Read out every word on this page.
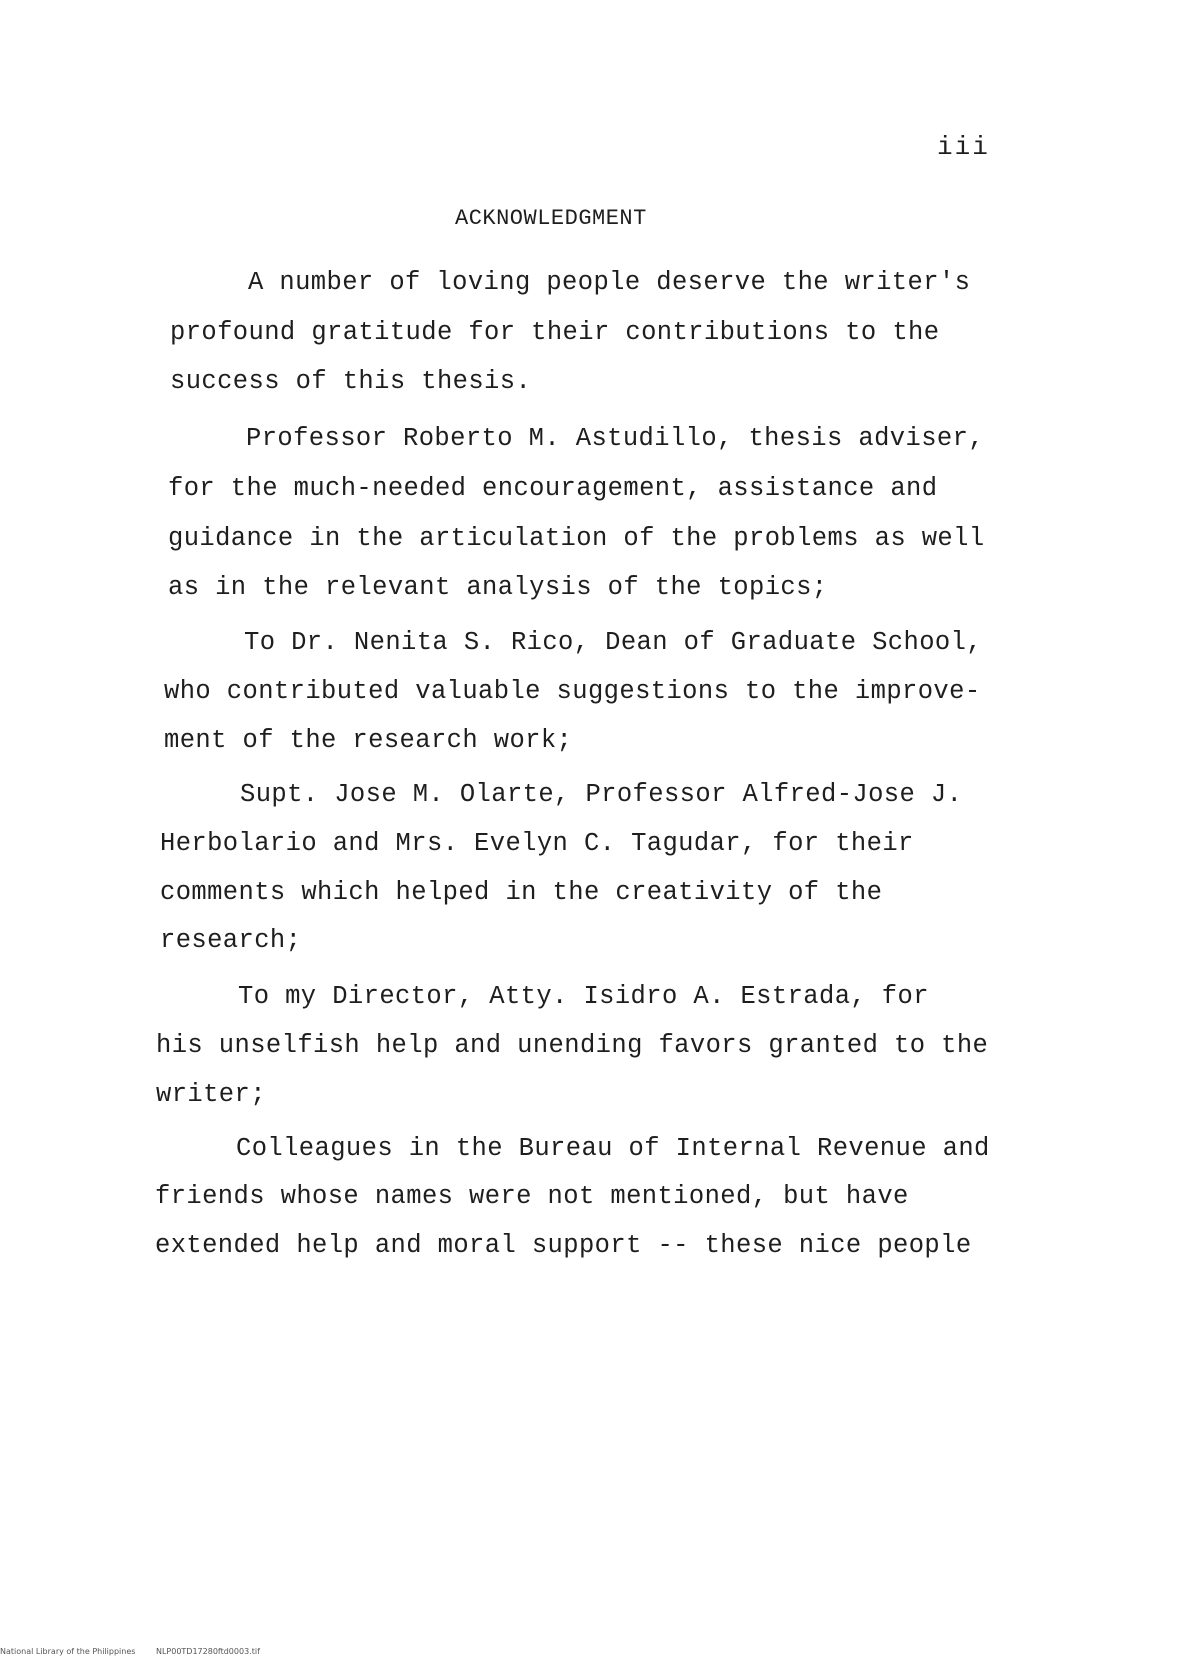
iii
ACKNOWLEDGMENT
A number of loving people deserve the writer's
profound gratitude for their contributions to the
success of this thesis.
Professor Roberto M. Astudillo, thesis adviser,
for the much-needed encouragement, assistance and
guidance in the articulation of the problems as well
as in the relevant analysis of the topics;
To Dr. Nenita S. Rico, Dean of Graduate School,
who contributed valuable suggestions to the improve-
ment of the research work;
Supt. Jose M. Olarte, Professor Alfred-Jose J.
Herbolario and Mrs. Evelyn C. Tagudar, for their
comments which helped in the creativity of the
research;
To my Director, Atty. Isidro A. Estrada, for
his unselfish help and unending favors granted to the
writer;
Colleagues in the Bureau of Internal Revenue and
friends whose names were not mentioned, but have
extended help and moral support -- these nice people
National Library of the Philippines	NLP00TD17280ftd0003.tif
